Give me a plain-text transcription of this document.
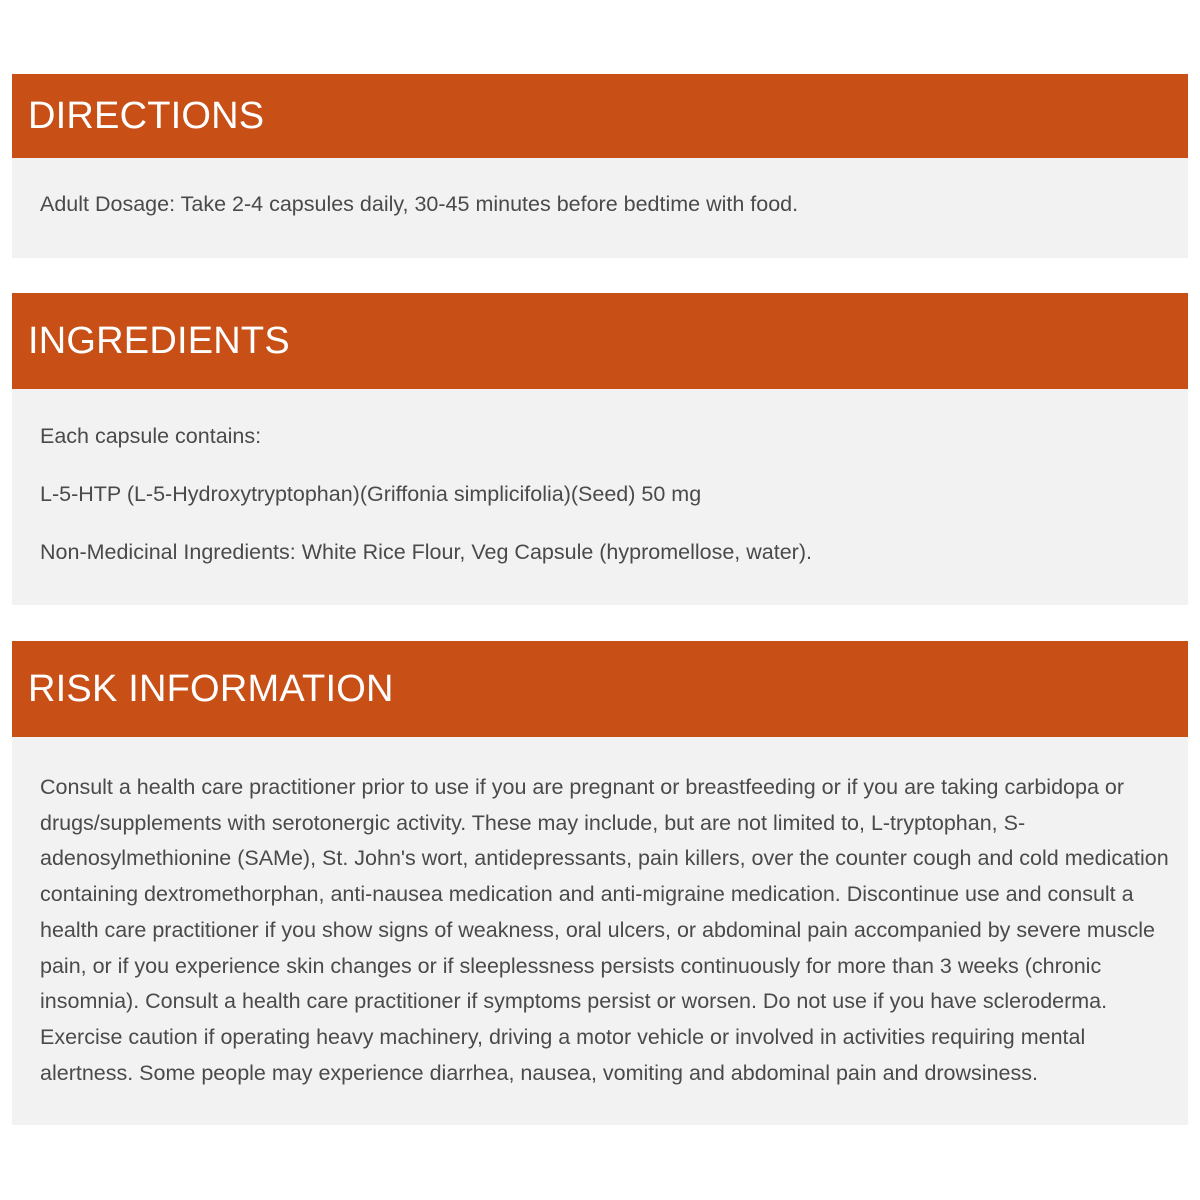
DIRECTIONS

Adult Dosage: Take 2-4 capsules daily, 30-45 minutes before bedtime with food.

INGREDIENTS

Each capsule contains:

L-5-HTP (L-5-Hydroxytryptophan)(Griffonia simplicifolia)(Seed) 50 mg

Non-Medicinal Ingredients: White Rice Flour, Veg Capsule (hypromellose, water).

RISK INFORMATION

Consult a health care practitioner prior to use if you are pregnant or breastfeeding or if you are taking carbidopa or drugs/supplements with serotonergic activity. These may include, but are not limited to, L-tryptophan, S-adenosylmethionine (SAMe), St. John's wort, antidepressants, pain killers, over the counter cough and cold medication containing dextromethorphan, anti-nausea medication and anti-migraine medication. Discontinue use and consult a health care practitioner if you show signs of weakness, oral ulcers, or abdominal pain accompanied by severe muscle pain, or if you experience skin changes or if sleeplessness persists continuously for more than 3 weeks (chronic insomnia). Consult a health care practitioner if symptoms persist or worsen. Do not use if you have scleroderma. Exercise caution if operating heavy machinery, driving a motor vehicle or involved in activities requiring mental alertness. Some people may experience diarrhea, nausea, vomiting and abdominal pain and drowsiness.
